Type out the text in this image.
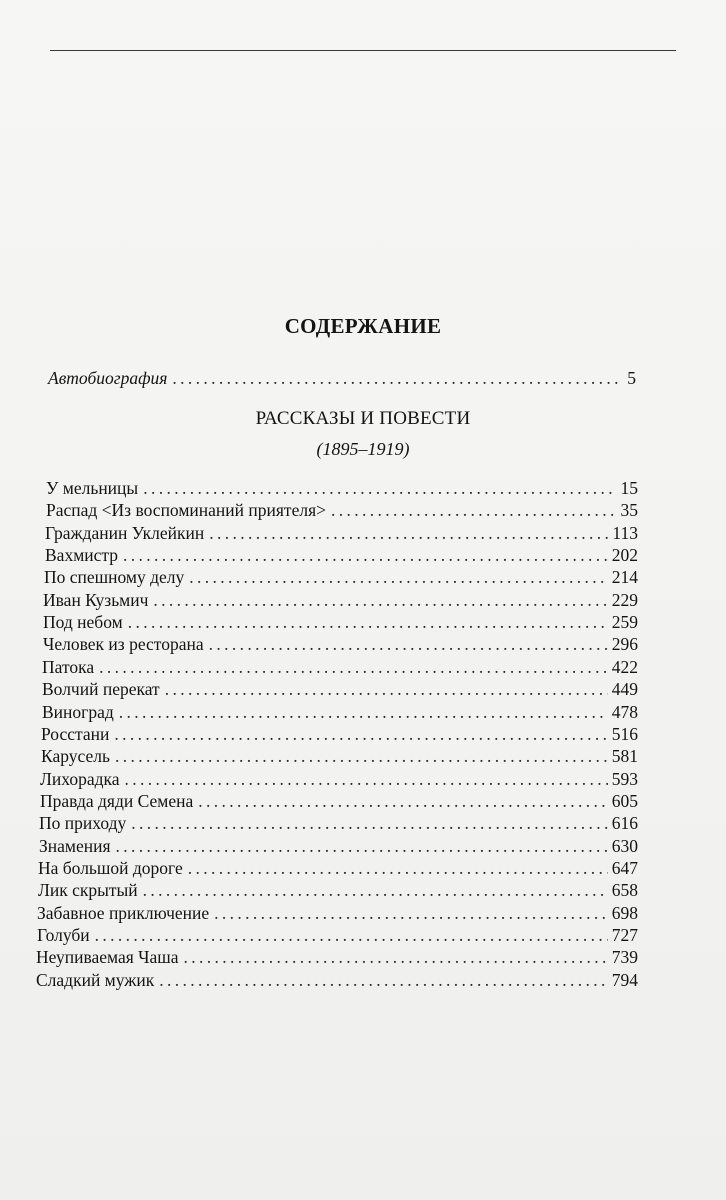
СОДЕРЖАНИЕ
Автобиография . . .	5
РАССКАЗЫ И ПОВЕСТИ
(1895–1919)
У мельницы . . .	15
Распад <Из воспоминаний приятеля> . . .	35
Гражданин Уклейкин . . .	113
Вахмистр . . .	202
По спешному делу . . .	214
Иван Кузьмич . . .	229
Под небом . . .	259
Человек из ресторана . . .	296
Патока . . .	422
Волчий перекат . . .	449
Виноград . . .	478
Росстани . . .	516
Карусель . . .	581
Лихорадка . . .	593
Правда дяди Семена . . .	605
По приходу . . .	616
Знамения . . .	630
На большой дороге . . .	647
Лик скрытый . . .	658
Забавное приключение . . .	698
Голуби . . .	727
Неупиваемая Чаша . . .	739
Сладкий мужик . . .	794
